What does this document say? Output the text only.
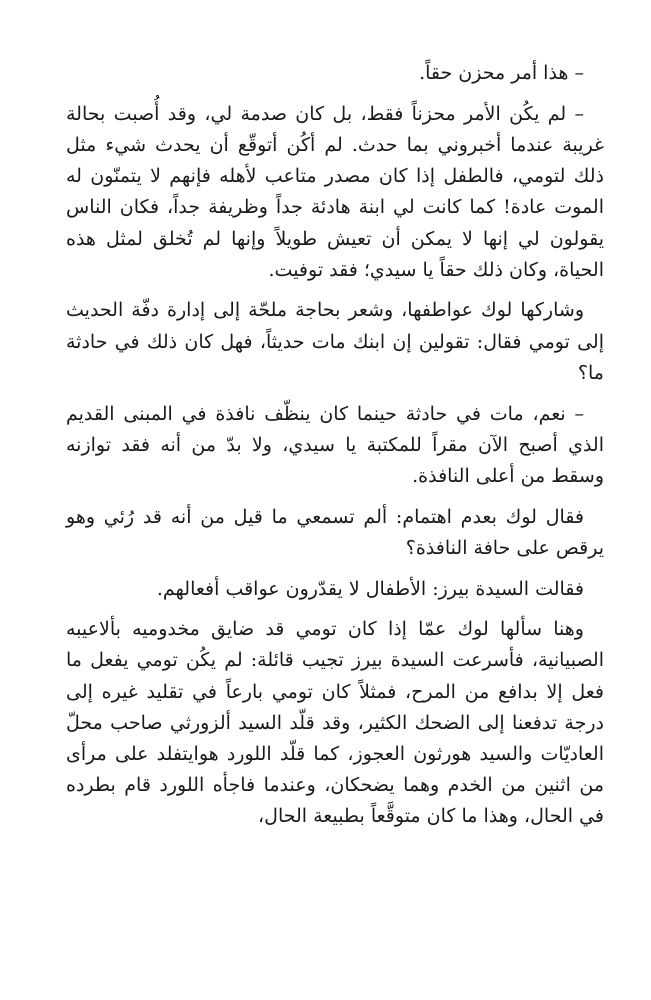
– هذا أمر محزن حقاً.

– لم يكُن الأمر محزناً فقط، بل كان صدمة لي، وقد أُصبت بحالة غريبة عندما أخبروني بما حدث. لم أكُن أتوقّع أن يحدث شيء مثل ذلك لتومي، فالطفل إذا كان مصدر متاعب لأهله فإنهم لا يتمنّون له الموت عادة! كما كانت لي ابنة هادئة جداً وظريفة جداً، فكان الناس يقولون لي إنها لا يمكن أن تعيش طويلاً وإنها لم تُخلق لمثل هذه الحياة، وكان ذلك حقاً يا سيدي؛ فقد توفيت.

وشاركها لوك عواطفها، وشعر بحاجة ملحّة إلى إدارة دفّة الحديث إلى تومي فقال: تقولين إن ابنك مات حديثاً، فهل كان ذلك في حادثة ما؟

– نعم، مات في حادثة حينما كان ينظّف نافذة في المبنى القديم الذي أصبح الآن مقراً للمكتبة يا سيدي، ولا بدّ من أنه فقد توازنه وسقط من أعلى النافذة.

فقال لوك بعدم اهتمام: ألم تسمعي ما قيل من أنه قد رُئي وهو يرقص على حافة النافذة؟

فقالت السيدة بيرز: الأطفال لا يقدّرون عواقب أفعالهم.

وهنا سألها لوك عمّا إذا كان تومي قد ضايق مخدوميه بألاعيبه الصبيانية، فأسرعت السيدة بيرز تجيب قائلة: لم يكُن تومي يفعل ما فعل إلا بدافع من المرح، فمثلاً كان تومي بارعاً في تقليد غيره إلى درجة تدفعنا إلى الضحك الكثير، وقد قلّد السيد ألزورثي صاحب محلّ العاديّات والسيد هورثون العجوز، كما قلّد اللورد هوايتفلد على مرأى من اثنين من الخدم وهما يضحكان، وعندما فاجأه اللورد قام بطرده في الحال، وهذا ما كان متوقَّعاً بطبيعة الحال،
